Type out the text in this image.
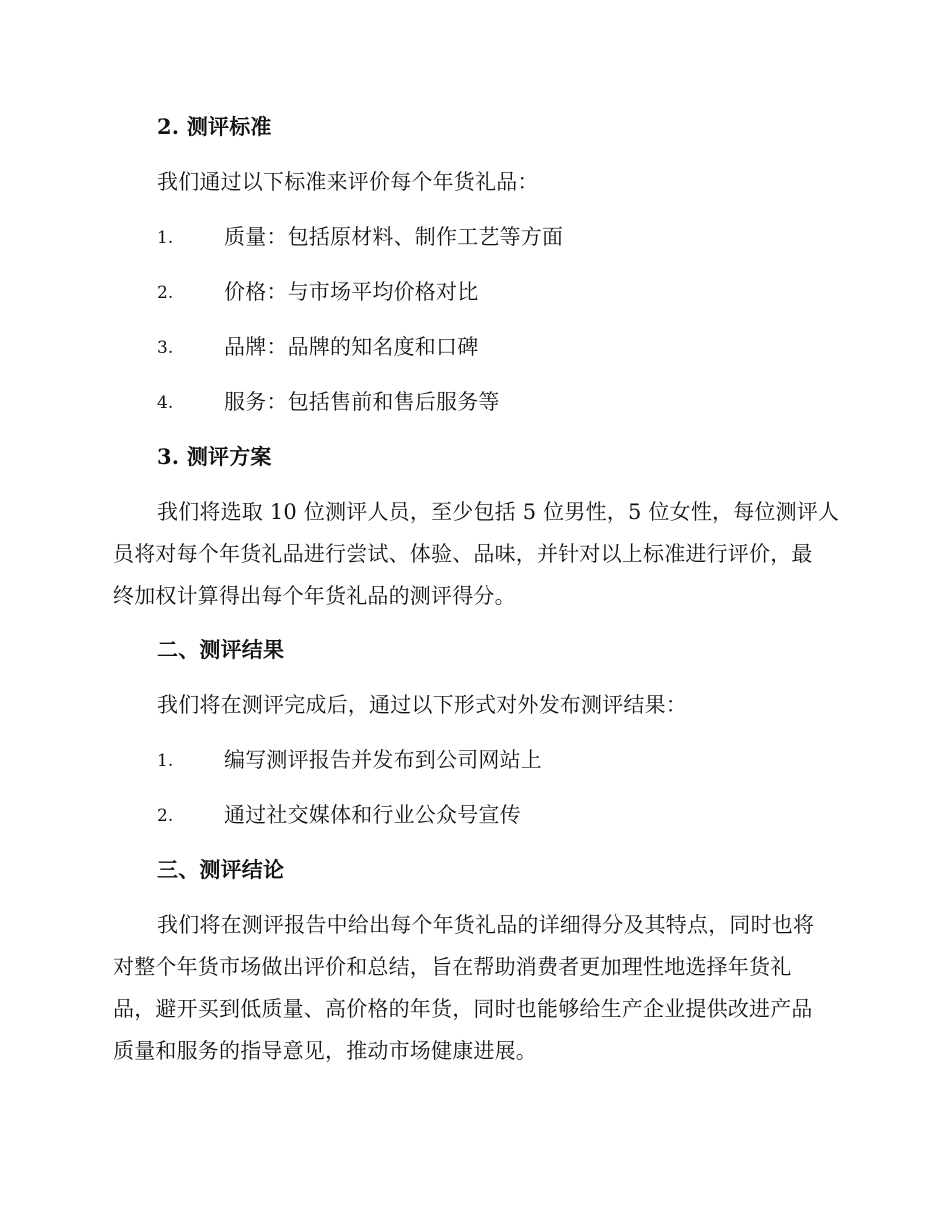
2. 测评标准
我们通过以下标准来评价每个年货礼品：
1. 质量：包括原材料、制作工艺等方面
2. 价格：与市场平均价格对比
3. 品牌：品牌的知名度和口碑
4. 服务：包括售前和售后服务等
3. 测评方案
我们将选取 10 位测评人员，至少包括 5 位男性，5 位女性，每位测评人
员将对每个年货礼品进行尝试、体验、品味，并针对以上标准进行评价，最
终加权计算得出每个年货礼品的测评得分。
二、测评结果
我们将在测评完成后，通过以下形式对外发布测评结果：
1. 编写测评报告并发布到公司网站上
2. 通过社交媒体和行业公众号宣传
三、测评结论
我们将在测评报告中给出每个年货礼品的详细得分及其特点，同时也将
对整个年货市场做出评价和总结，旨在帮助消费者更加理性地选择年货礼
品，避开买到低质量、高价格的年货，同时也能够给生产企业提供改进产品
质量和服务的指导意见，推动市场健康进展。
